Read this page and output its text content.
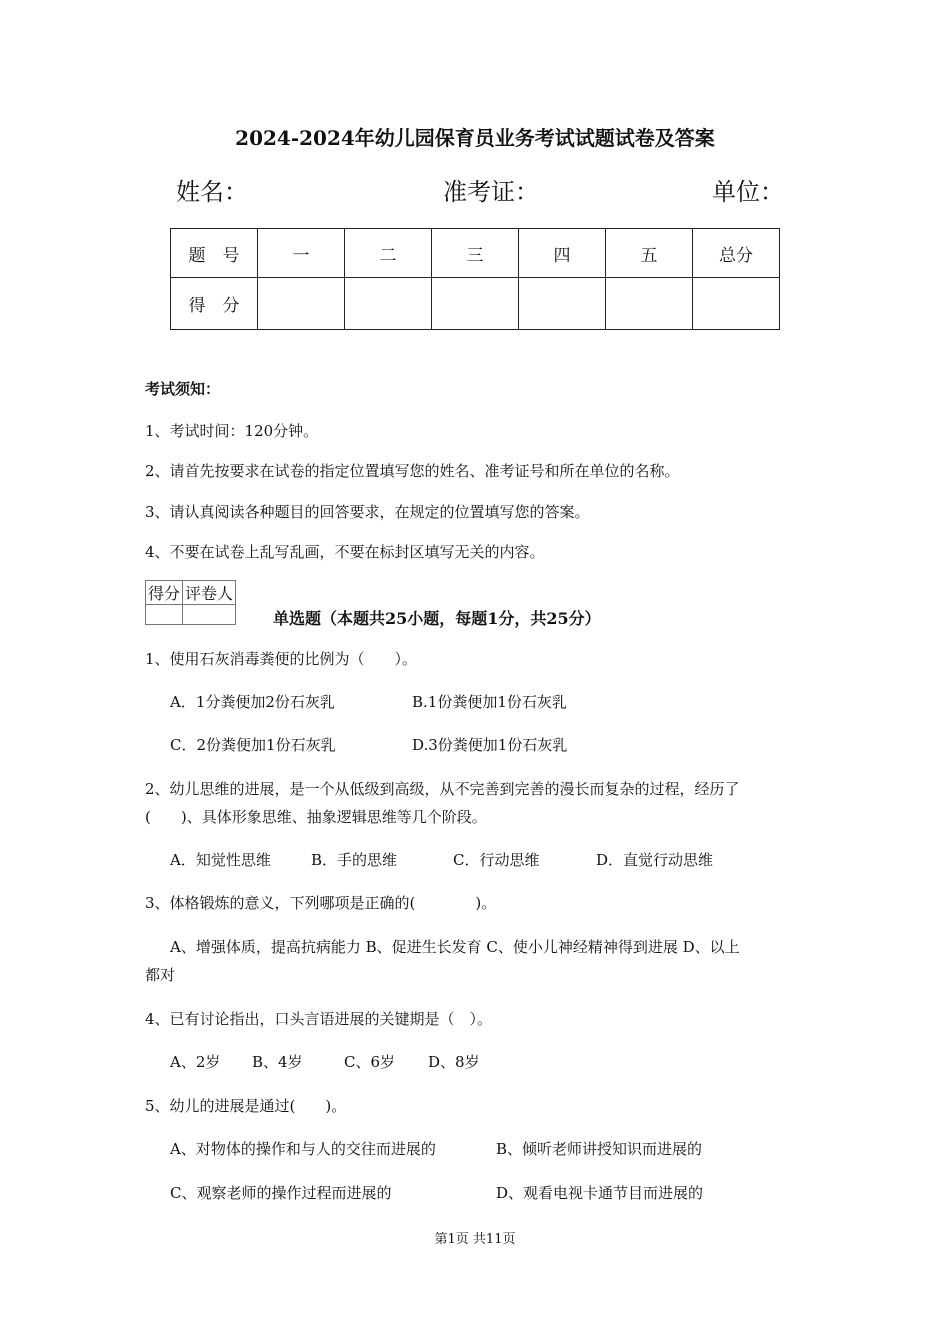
2024-2024年幼儿园保育员业务考试试题试卷及答案
姓名：	准考证：	单位：
题　号	一	二	三	四	五	总分
得　分						
考试须知：
1、考试时间：120分钟。
2、请首先按要求在试卷的指定位置填写您的姓名、准考证号和所在单位的名称。
3、请认真阅读各种题目的回答要求，在规定的位置填写您的答案。
4、不要在试卷上乱写乱画，不要在标封区填写无关的内容。
得分	评卷人

单选题（本题共25小题，每题1分，共25分）
1、使用石灰消毒粪便的比例为（　　）。
A．1分粪便加2份石灰乳	B.1份粪便加1份石灰乳
C．2份粪便加1份石灰乳	D.3份粪便加1份石灰乳
2、幼儿思维的进展，是一个从低级到高级，从不完善到完善的漫长而复杂的过程，经历了
(　　)、具体形象思维、抽象逻辑思维等几个阶段。
A．知觉性思维	B．手的思维	C．行动思维	D．直觉行动思维
3、体格锻炼的意义，下列哪项是正确的(　　　　)。
A、增强体质，提高抗病能力 B、促进生长发育 C、使小儿神经精神得到进展 D、以上
都对
4、已有讨论指出，口头言语进展的关键期是（　）。
A、2岁 B、4岁	C、6岁 D、8岁
5、幼儿的进展是通过(　　)。
A、对物体的操作和与人的交往而进展的	B、倾听老师讲授知识而进展的
C、观察老师的操作过程而进展的	D、观看电视卡通节目而进展的
第1页 共11页
